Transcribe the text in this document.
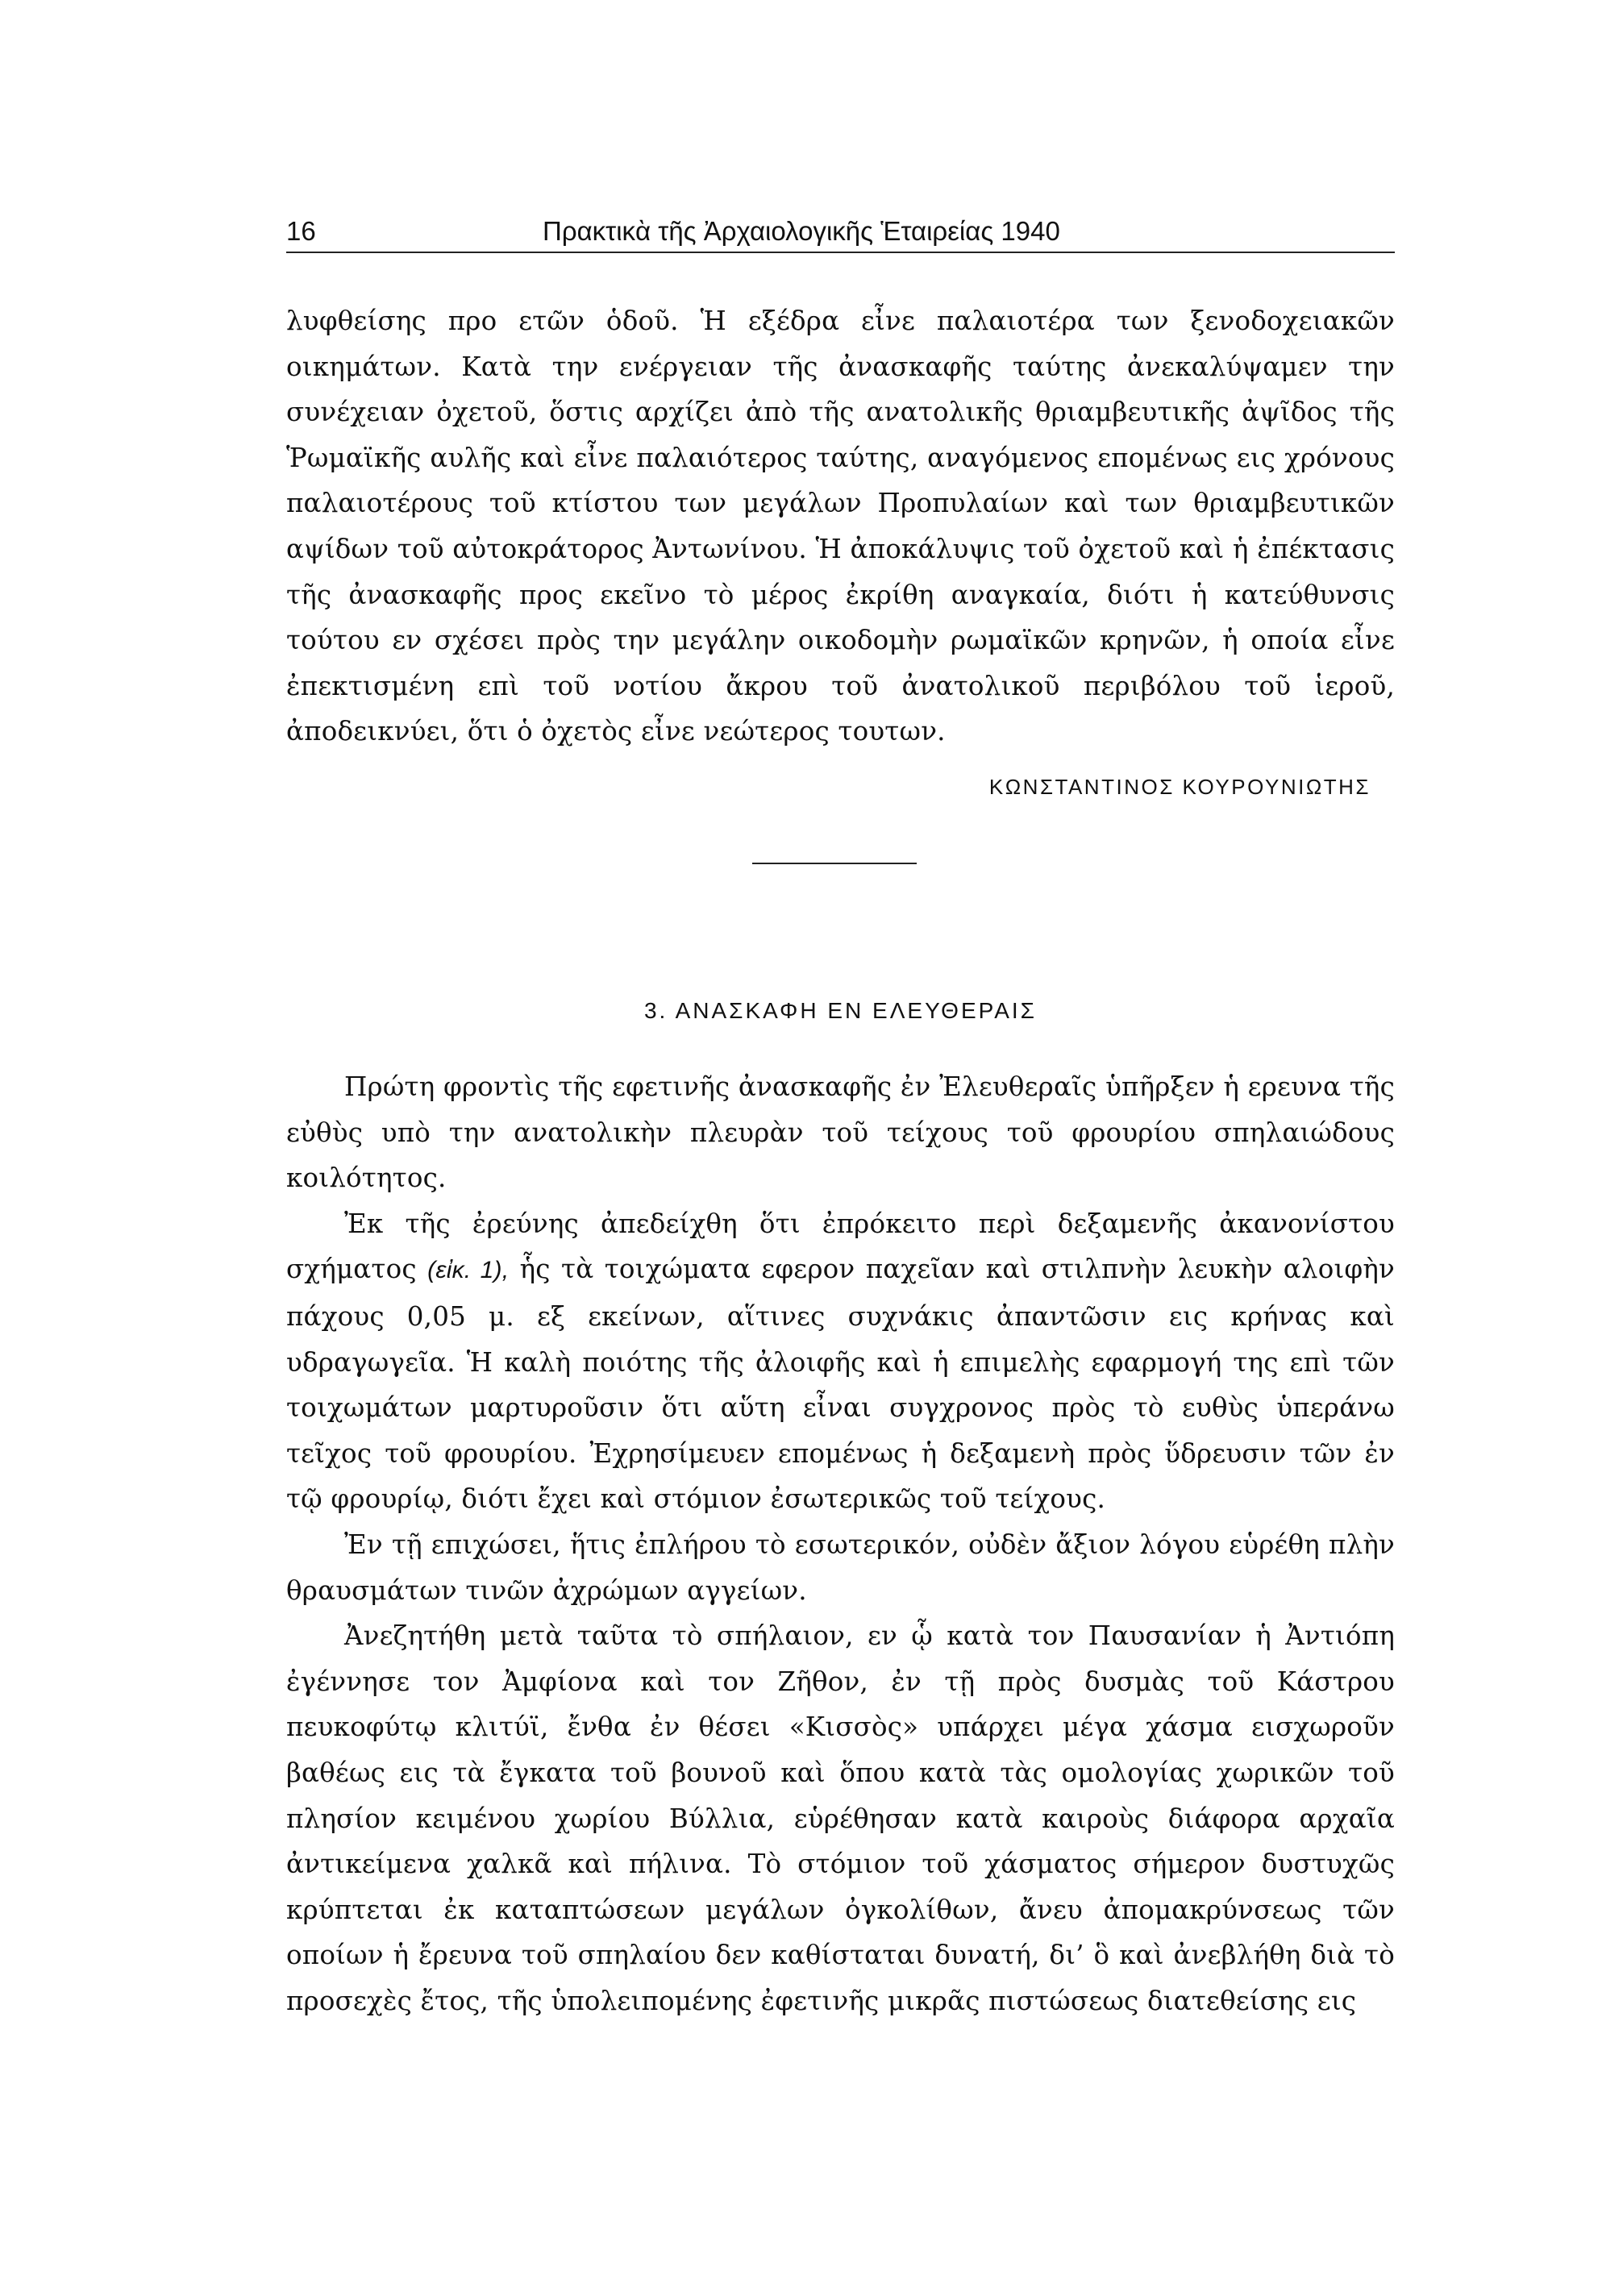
16	Πρακτικὰ τῆς Ἀρχαιολογικῆς Ἑταιρείας 1940

λυφθείσης προ ετῶν ὁδοῦ. Ἡ εξέδρα εἶνε παλαιοτέρα των ξενοδοχειακῶν οικημάτων. Κατὰ την ενέργειαν τῆς ἀνασκαφῆς ταύτης ἀνεκαλύψαμεν την συνέχειαν ὀχετοῦ, ὅστις αρχίζει ἀπὸ τῆς ανατολικῆς θριαμβευτικῆς ἀψῖδος τῆς Ῥωμαϊκῆς αυλῆς καὶ εἶνε παλαιότερος ταύτης, αναγόμενος επομένως εις χρόνους παλαιοτέρους τοῦ κτίστου των μεγάλων Προπυλαίων καὶ των θριαμβευτικῶν αψίδων τοῦ αὐτοκράτορος Ἀντωνίνου. Ἡ ἀποκάλυψις τοῦ ὀχετοῦ καὶ ἡ ἐπέκτασις τῆς ἀνασκαφῆς προς εκεῖνο τὸ μέρος ἐκρίθη αναγκαία, διότι ἡ κατεύθυνσις τούτου εν σχέσει πρὸς την μεγάλην οικοδομὴν ρωμαϊκῶν κρηνῶν, ἡ οποία εἶνε ἐπεκτισμένη επὶ τοῦ νοτίου ἄκρου τοῦ ἀνατολικοῦ περιβόλου τοῦ ἱεροῦ, ἀποδεικνύει, ὅτι ὁ ὀχετὸς εἶνε νεώτερος τουτων.

ΚΩΝΣΤΑΝΤΙΝΟΣ ΚΟΥΡΟΥΝΙΩΤΗΣ
3. ΑΝΑΣΚΑΦΗ ΕΝ ΕΛΕΥΘΕΡΑΙΣ

Πρώτη φροντὶς τῆς εφετινῆς ἀνασκαφῆς ἐν Ἐλευθεραῖς ὑπῆρξεν ἡ ερευνα τῆς εὐθὺς υπὸ την ανατολικὴν πλευρὰν τοῦ τείχους τοῦ φρουρίου σπηλαιώδους κοιλότητος.

Ἐκ τῆς ἐρεύνης ἀπεδείχθη ὅτι ἐπρόκειτο περὶ δεξαμενῆς ἀκανονίστου σχήματος (εἰκ. 1), ἧς τὰ τοιχώματα εφερον παχεῖαν καὶ στιλπνὴν λευκὴν αλοιφὴν πάχους 0,05 μ. εξ εκείνων, αἵτινες συχνάκις ἀπαντῶσιν εις κρήνας καὶ υδραγωγεῖα. Ἡ καλὴ ποιότης τῆς ἀλοιφῆς καὶ ἡ επιμελὴς εφαρμογή της επὶ τῶν τοιχωμάτων μαρτυροῦσιν ὅτι αὕτη εἶναι συγχρονος πρὸς τὸ ευθὺς ὑπεράνω τεῖχος τοῦ φρουρίου. Ἐχρησίμευεν επομένως ἡ δεξαμενὴ πρὸς ὕδρευσιν τῶν ἐν τῷ φρουρίῳ, διότι ἔχει καὶ στόμιον ἐσωτερικῶς τοῦ τείχους.

Ἐν τῇ επιχώσει, ἥτις ἐπλήρου τὸ εσωτερικόν, οὐδὲν ἄξιον λόγου εὑρέθη πλὴν θραυσμάτων τινῶν ἀχρώμων αγγείων.

Ἀνεζητήθη μετὰ ταῦτα τὸ σπήλαιον, εν ᾧ κατὰ τον Παυσανίαν ἡ Ἀντιόπη ἐγέννησε τον Ἀμφίονα καὶ τον Ζῆθον, ἐν τῇ πρὸς δυσμὰς τοῦ Κάστρου πευκοφύτῳ κλιτύϊ, ἔνθα ἐν θέσει «Κισσὸς» υπάρχει μέγα χάσμα εισχωροῦν βαθέως εις τὰ ἔγκατα τοῦ βουνοῦ καὶ ὅπου κατὰ τὰς ομολογίας χωρικῶν τοῦ πλησίον κειμένου χωρίου Βύλλια, εὑρέθησαν κατὰ καιροὺς διάφορα αρχαῖα ἀντικείμενα χαλκᾶ καὶ πήλινα. Τὸ στόμιον τοῦ χάσματος σήμερον δυστυχῶς κρύπτεται ἐκ καταπτώσεων μεγάλων ὀγκολίθων, ἄνευ ἀπομακρύνσεως τῶν οποίων ἡ ἔρευνα τοῦ σπηλαίου δεν καθίσταται δυνατή, δι’ ὃ καὶ ἀνεβλήθη διὰ τὸ προσεχὲς ἔτος, τῆς ὑπολειπομένης ἐφετινῆς μικρᾶς πιστώσεως διατεθείσης εις
